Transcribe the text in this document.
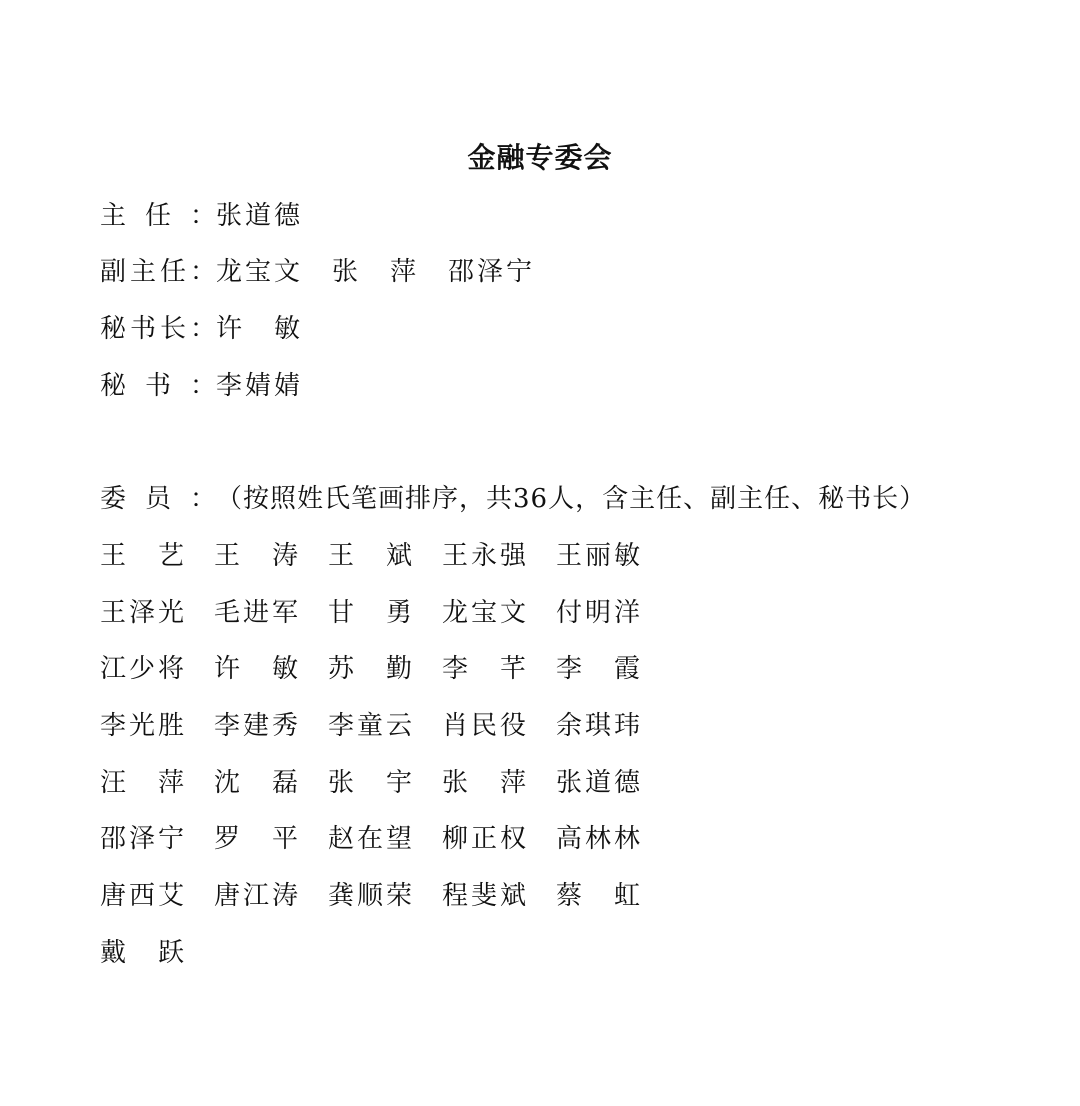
金融专委会
主 任 ： 张 道 德
副 主 任 ： 龙 宝 文 张 萍 邵 泽 宁
秘 书 长 ： 许 敏
秘 书 ： 李 婧 婧
委 员 ： （按照姓氏笔画排序，共36人，含主任、副主任、秘书长）
王 艺 王 涛 王 斌 王 永 强 王 丽 敏
王 泽 光 毛 进 军 甘 勇 龙 宝 文 付 明 洋
江 少 将 许 敏 苏 勤 李 芊 李 霞
李 光 胜 李 建 秀 李 童 云 肖 民 役 余 琪 玮
汪 萍 沈 磊 张 宇 张 萍 张 道 德
邵 泽 宁 罗 平 赵 在 望 柳 正 权 高 林 林
唐 西 艾 唐 江 涛 龚 顺 荣 程 斐 斌 蔡 虹
戴 跃
